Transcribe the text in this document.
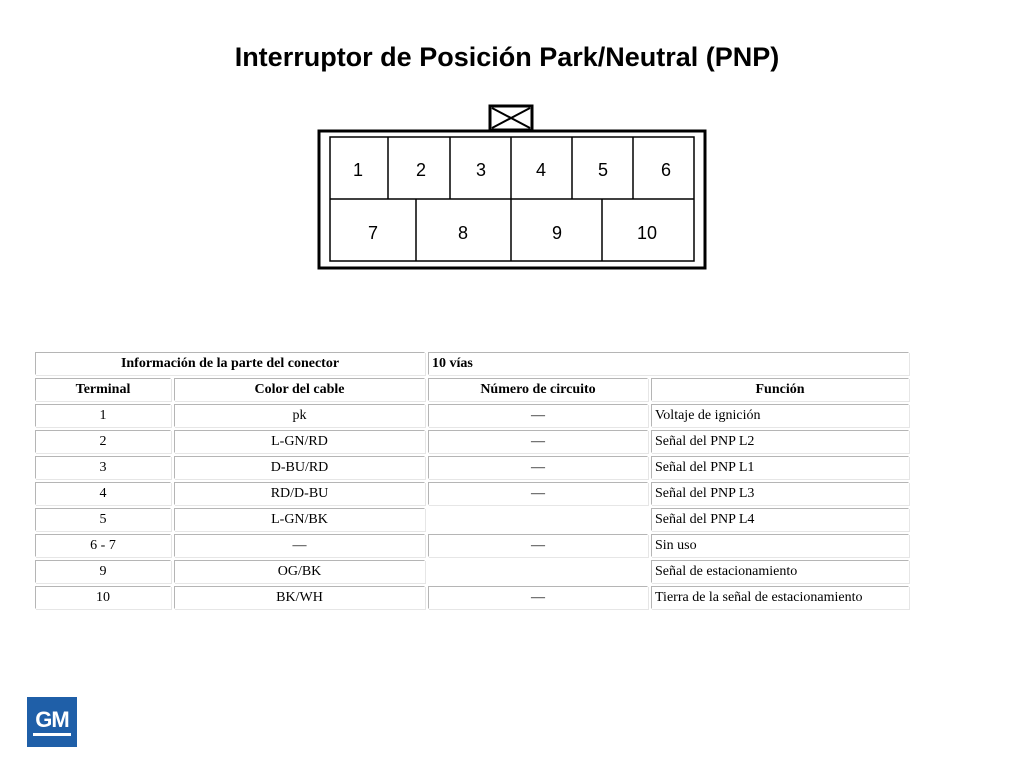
Interruptor de Posición Park/Neutral (PNP)
1	2	3	4	5	6
7	8	9	10
Información de la parte del conector		10 vías	
Terminal	Color del cable	Número de circuito	Función
1	pk	—	Voltaje de ignición
2	L-GN/RD	—	Señal del PNP L2
3	D-BU/RD	—	Señal del PNP L1
4	RD/D-BU	—	Señal del PNP L3
5	L-GN/BK		Señal del PNP L4
6 - 7	—	—	Sin uso
9	OG/BK		Señal de estacionamiento
10	BK/WH	—	Tierra de la señal de estacionamiento
GM
